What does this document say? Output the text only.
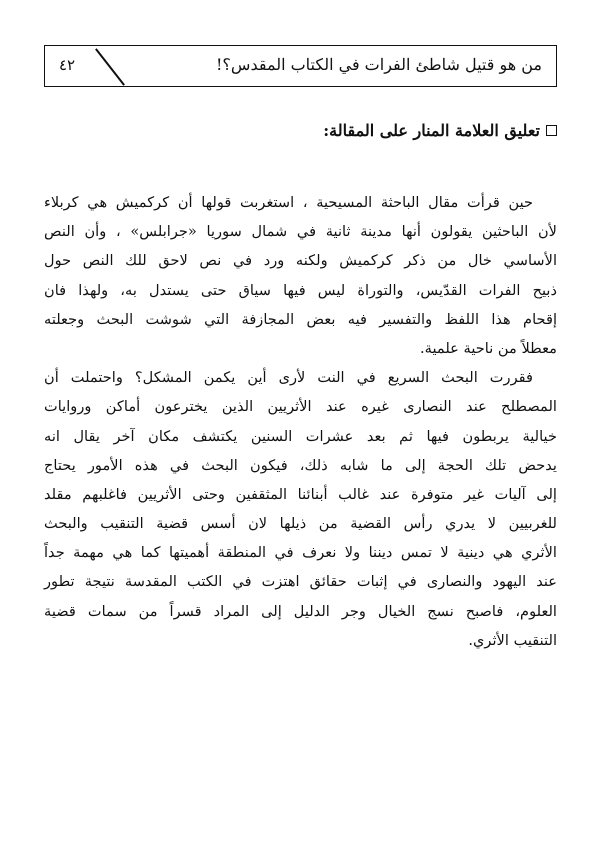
من هو قتيل شاطئ الفرات في الكتاب المقدس؟!
٤٢
تعليق العلامة المنار على المقالة:
حين قرأت مقال الباحثة المسيحية ، استغربت قولها أن كركميش هي كربلاء
لأن الباحثين يقولون أنها مدينة ثانية في شمال سوريا «جرابلس» ، وأن النص
الأساسي خال من ذكر كركميش ولكنه ورد في نص لاحق للك النص حول
ذبيح الفرات القدّيس، والتوراة ليس فيها سياق حتى يستدل به، ولهذا فان
إقحام هذا اللفظ والتفسير فيه بعض المجازفة التي شوشت البحث وجعلته
معطلاً من ناحية علمية.
فقررت البحث السريع في النت لأرى أين يكمن المشكل؟ واحتملت أن
المصطلح عند النصارى غيره عند الأثريين الذين يخترعون أماكن وروايات
خيالية يربطون فيها ثم بعد عشرات السنين يكتشف مكان آخر يقال انه
يدحض تلك الحجة إلى ما شابه ذلك، فيكون البحث في هذه الأمور يحتاج
إلى آليات غير متوفرة عند غالب أبنائنا المثقفين وحتى الأثريين فاغلبهم مقلد
للغربيين لا يدري رأس القضية من ذيلها لان أسس قضية التنقيب والبحث
الأثري هي دينية لا تمس ديننا ولا نعرف في المنطقة أهميتها كما هي مهمة جداً
عند اليهود والنصارى في إثبات حقائق اهتزت في الكتب المقدسة نتيجة تطور
العلوم، فاصبح نسج الخيال وجر الدليل إلى المراد قسراً من سمات قضية
التنقيب الأثري.
